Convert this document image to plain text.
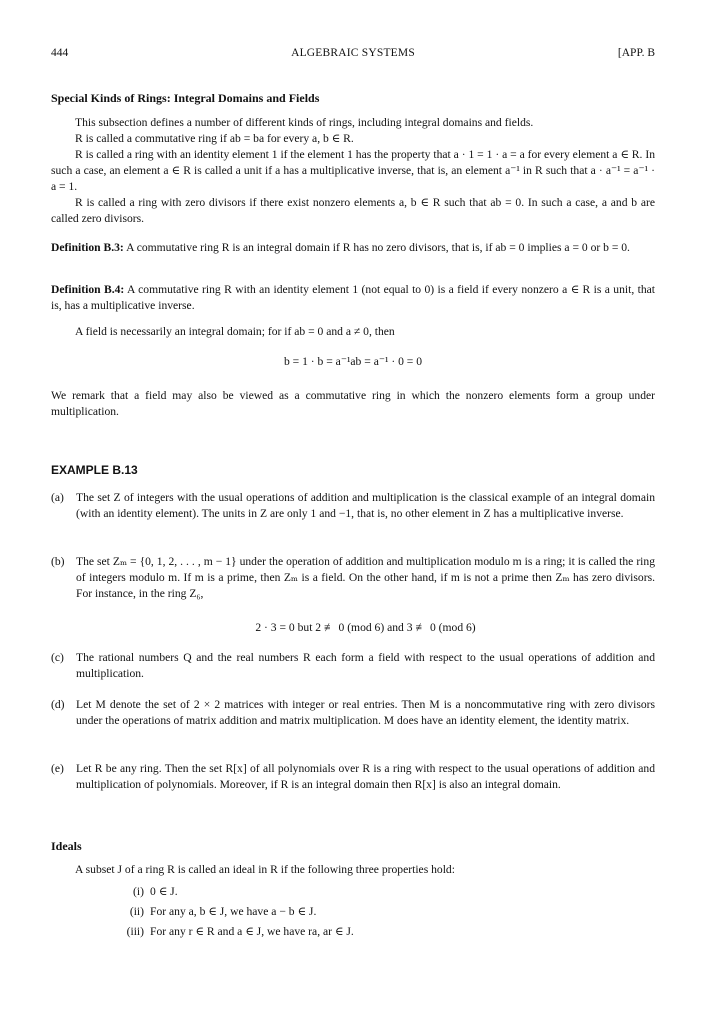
444	ALGEBRAIC SYSTEMS	[APP. B
Special Kinds of Rings: Integral Domains and Fields

This subsection defines a number of different kinds of rings, including integral domains and fields.

R is called a commutative ring if ab = ba for every a, b ∈ R.

R is called a ring with an identity element 1 if the element 1 has the property that a · 1 = 1 · a = a for every element a ∈ R. In such a case, an element a ∈ R is called a unit if a has a multiplicative inverse, that is, an element a⁻¹ in R such that a · a⁻¹ = a⁻¹ · a = 1.

R is called a ring with zero divisors if there exist nonzero elements a, b ∈ R such that ab = 0. In such a case, a and b are called zero divisors.

Definition B.3: A commutative ring R is an integral domain if R has no zero divisors, that is, if ab = 0 implies a = 0 or b = 0.
Definition B.4: A commutative ring R with an identity element 1 (not equal to 0) is a field if every nonzero a ∈ R is a unit, that is, has a multiplicative inverse.

A field is necessarily an integral domain; for if ab = 0 and a ≠ 0, then

b = 1 · b = a⁻¹ab = a⁻¹ · 0 = 0
We remark that a field may also be viewed as a commutative ring in which the nonzero elements form a group under multiplication.
EXAMPLE B.13
(a) The set Z of integers with the usual operations of addition and multiplication is the classical example of an integral domain (with an identity element). The units in Z are only 1 and −1, that is, no other element in Z has a multiplicative inverse.
(b) The set Zₘ = {0, 1, 2, . . . , m − 1} under the operation of addition and multiplication modulo m is a ring; it is called the ring of integers modulo m. If m is a prime, then Zₘ is a field. On the other hand, if m is not a prime then Zₘ has zero divisors. For instance, in the ring Z₆,
2 · 3 = 0 but 2 ≢ 0 (mod 6) and 3 ≢ 0 (mod 6)
(c) The rational numbers Q and the real numbers R each form a field with respect to the usual operations of addition and multiplication.
(d) Let M denote the set of 2 × 2 matrices with integer or real entries. Then M is a noncommutative ring with zero divisors under the operations of matrix addition and matrix multiplication. M does have an identity element, the identity matrix.
(e) Let R be any ring. Then the set R[x] of all polynomials over R is a ring with respect to the usual operations of addition and multiplication of polynomials. Moreover, if R is an integral domain then R[x] is also an integral domain.
Ideals

A subset J of a ring R is called an ideal in R if the following three properties hold:

(i) 0 ∈ J.
(ii) For any a, b ∈ J, we have a − b ∈ J.
(iii) For any r ∈ R and a ∈ J, we have ra, ar ∈ J.
